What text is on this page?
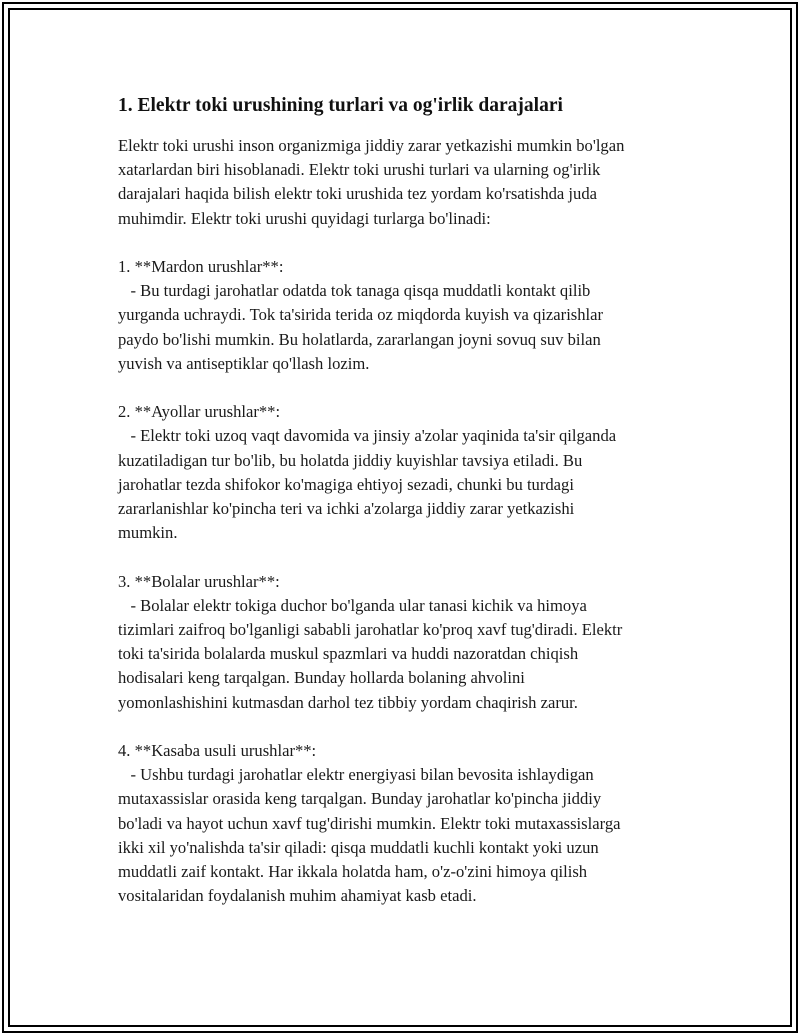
1. Elektr toki urushining turlari va og'irlik darajalari

Elektr toki urushi inson organizmiga jiddiy zarar yetkazishi mumkin bo'lgan
xatarlardan biri hisoblanadi. Elektr toki urushi turlari va ularning og'irlik
darajalari haqida bilish elektr toki urushida tez yordam ko'rsatishda juda
muhimdir. Elektr toki urushi quyidagi turlarga bo'linadi:

1. **Mardon urushlar**:

- Bu turdagi jarohatlar odatda tok tanaga qisqa muddatli kontakt qilib
yurganda uchraydi. Tok ta'sirida terida oz miqdorda kuyish va qizarishlar
paydo bo'lishi mumkin. Bu holatlarda, zararlangan joyni sovuq suv bilan
yuvish va antiseptiklar qo'llash lozim.

2. **Ayollar urushlar**:

- Elektr toki uzoq vaqt davomida va jinsiy a'zolar yaqinida ta'sir qilganda
kuzatiladigan tur bo'lib, bu holatda jiddiy kuyishlar tavsiya etiladi. Bu
jarohatlar tezda shifokor ko'magiga ehtiyoj sezadi, chunki bu turdagi
zararlanishlar ko'pincha teri va ichki a'zolarga jiddiy zarar yetkazishi
mumkin.

3. **Bolalar urushlar**:

- Bolalar elektr tokiga duchor bo'lganda ular tanasi kichik va himoya
tizimlari zaifroq bo'lganligi sababli jarohatlar ko'proq xavf tug'diradi. Elektr
toki ta'sirida bolalarda muskul spazmlari va huddi nazoratdan chiqish
hodisalari keng tarqalgan. Bunday hollarda bolaning ahvolini
yomonlashishini kutmasdan darhol tez tibbiy yordam chaqirish zarur.

4. **Kasaba usuli urushlar**:

- Ushbu turdagi jarohatlar elektr energiyasi bilan bevosita ishlaydigan
mutaxassislar orasida keng tarqalgan. Bunday jarohatlar ko'pincha jiddiy
bo'ladi va hayot uchun xavf tug'dirishi mumkin. Elektr toki mutaxassislarga
ikki xil yo'nalishda ta'sir qiladi: qisqa muddatli kuchli kontakt yoki uzun
muddatli zaif kontakt. Har ikkala holatda ham, o'z-o'zini himoya qilish
vositalaridan foydalanish muhim ahamiyat kasb etadi.
